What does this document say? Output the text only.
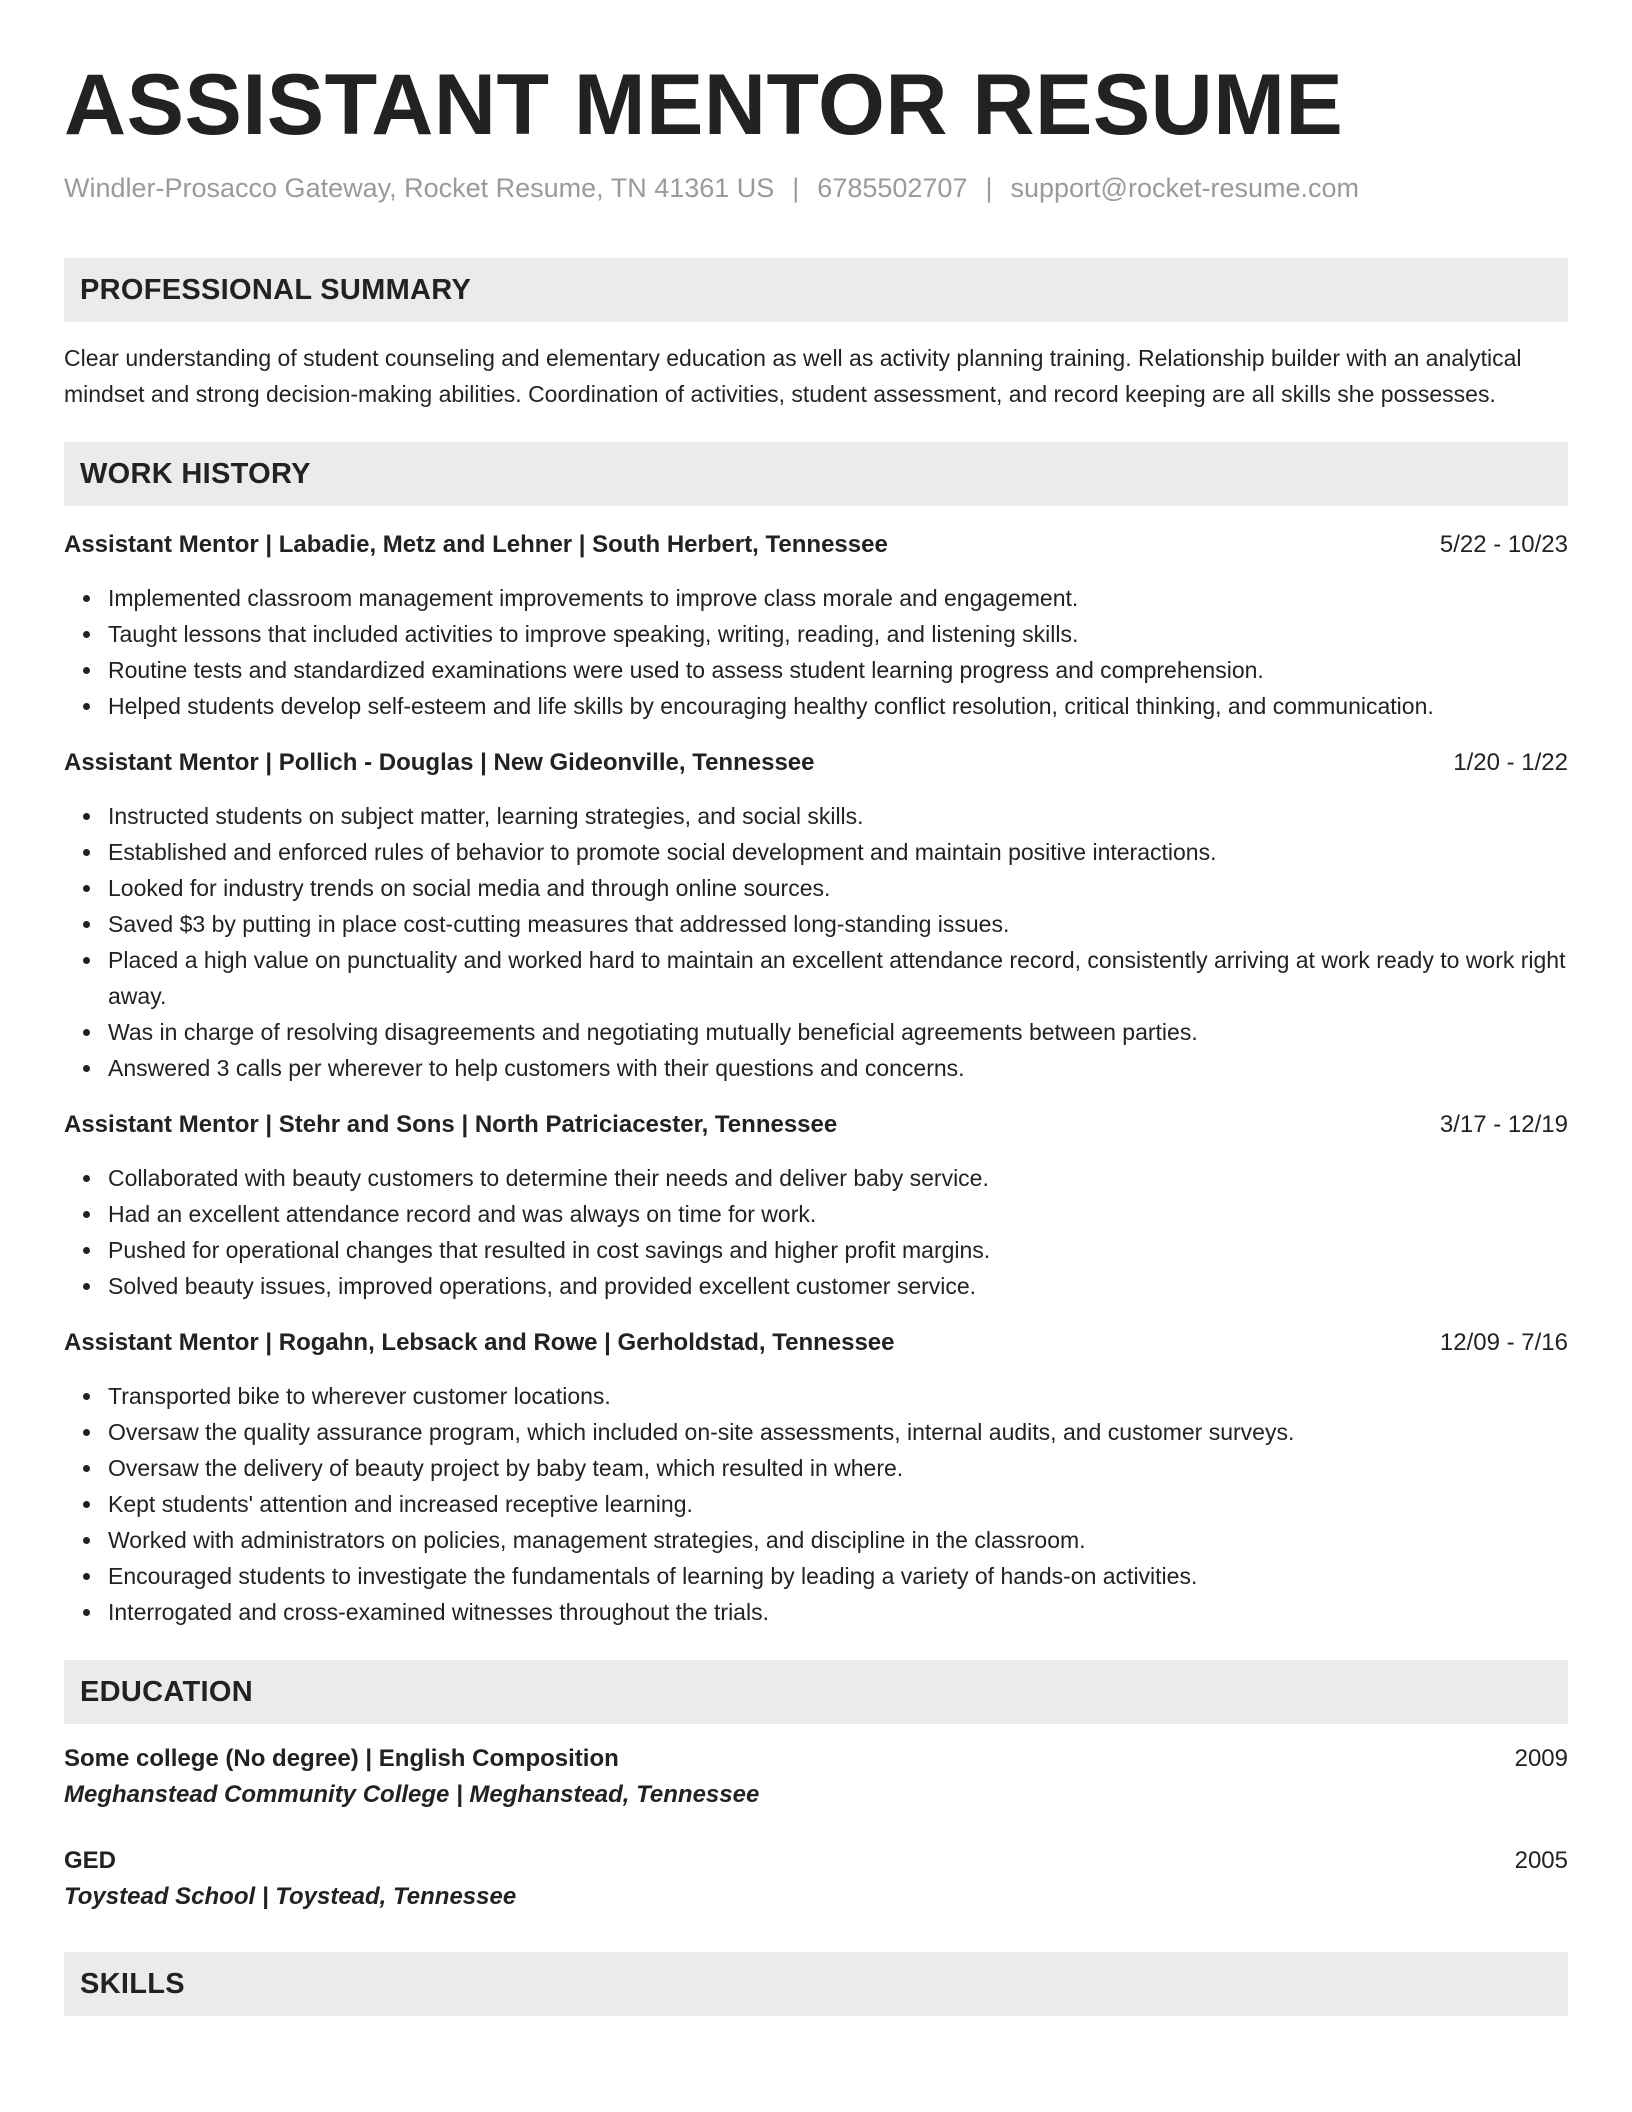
ASSISTANT MENTOR RESUME
Windler-Prosacco Gateway, Rocket Resume, TN 41361 US | 6785502707 | support@rocket-resume.com
PROFESSIONAL SUMMARY
Clear understanding of student counseling and elementary education as well as activity planning training. Relationship builder with an analytical mindset and strong decision-making abilities. Coordination of activities, student assessment, and record keeping are all skills she possesses.
WORK HISTORY
Assistant Mentor | Labadie, Metz and Lehner | South Herbert, Tennessee	5/22 - 10/23
Implemented classroom management improvements to improve class morale and engagement.
Taught lessons that included activities to improve speaking, writing, reading, and listening skills.
Routine tests and standardized examinations were used to assess student learning progress and comprehension.
Helped students develop self-esteem and life skills by encouraging healthy conflict resolution, critical thinking, and communication.
Assistant Mentor | Pollich - Douglas | New Gideonville, Tennessee	1/20 - 1/22
Instructed students on subject matter, learning strategies, and social skills.
Established and enforced rules of behavior to promote social development and maintain positive interactions.
Looked for industry trends on social media and through online sources.
Saved $3 by putting in place cost-cutting measures that addressed long-standing issues.
Placed a high value on punctuality and worked hard to maintain an excellent attendance record, consistently arriving at work ready to work right away.
Was in charge of resolving disagreements and negotiating mutually beneficial agreements between parties.
Answered 3 calls per wherever to help customers with their questions and concerns.
Assistant Mentor | Stehr and Sons | North Patriciacester, Tennessee	3/17 - 12/19
Collaborated with beauty customers to determine their needs and deliver baby service.
Had an excellent attendance record and was always on time for work.
Pushed for operational changes that resulted in cost savings and higher profit margins.
Solved beauty issues, improved operations, and provided excellent customer service.
Assistant Mentor | Rogahn, Lebsack and Rowe | Gerholdstad, Tennessee	12/09 - 7/16
Transported bike to wherever customer locations.
Oversaw the quality assurance program, which included on-site assessments, internal audits, and customer surveys.
Oversaw the delivery of beauty project by baby team, which resulted in where.
Kept students' attention and increased receptive learning.
Worked with administrators on policies, management strategies, and discipline in the classroom.
Encouraged students to investigate the fundamentals of learning by leading a variety of hands-on activities.
Interrogated and cross-examined witnesses throughout the trials.
EDUCATION
Some college (No degree) | English Composition	2009
Meghanstead Community College | Meghanstead, Tennessee
GED	2005
Toystead School | Toystead, Tennessee
SKILLS
